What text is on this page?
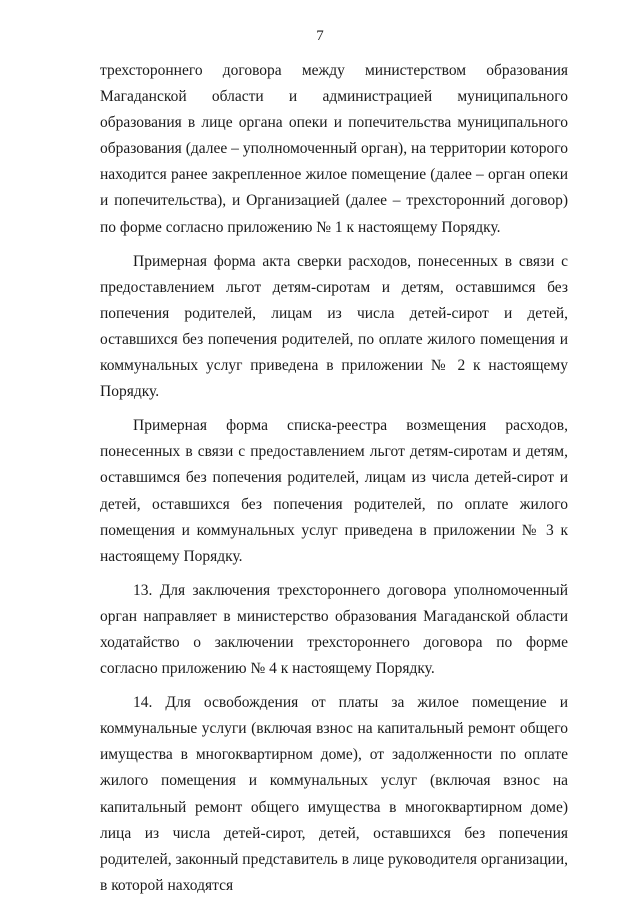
7

трехстороннего договора между министерством образования Магаданской области и администрацией муниципального образования в лице органа опеки и попечительства муниципального образования (далее – уполномоченный орган), на территории которого находится ранее закрепленное жилое помещение (далее – орган опеки и попечительства), и Организацией (далее – трехсторонний договор) по форме согласно приложению № 1 к настоящему Порядку.

Примерная форма акта сверки расходов, понесенных в связи с предоставлением льгот детям-сиротам и детям, оставшимся без попечения родителей, лицам из числа детей-сирот и детей, оставшихся без попечения родителей, по оплате жилого помещения и коммунальных услуг приведена в приложении № 2 к настоящему Порядку.

Примерная форма списка-реестра возмещения расходов, понесенных в связи с предоставлением льгот детям-сиротам и детям, оставшимся без попечения родителей, лицам из числа детей-сирот и детей, оставшихся без попечения родителей, по оплате жилого помещения и коммунальных услуг приведена в приложении № 3 к настоящему Порядку.

13. Для заключения трехстороннего договора уполномоченный орган направляет в министерство образования Магаданской области ходатайство о заключении трехстороннего договора по форме согласно приложению № 4 к настоящему Порядку.

14. Для освобождения от платы за жилое помещение и коммунальные услуги (включая взнос на капитальный ремонт общего имущества в многоквартирном доме), от задолженности по оплате жилого помещения и коммунальных услуг (включая взнос на капитальный ремонт общего имущества в многоквартирном доме) лица из числа детей-сирот, детей, оставшихся без попечения родителей, законный представитель в лице руководителя организации, в которой находятся
